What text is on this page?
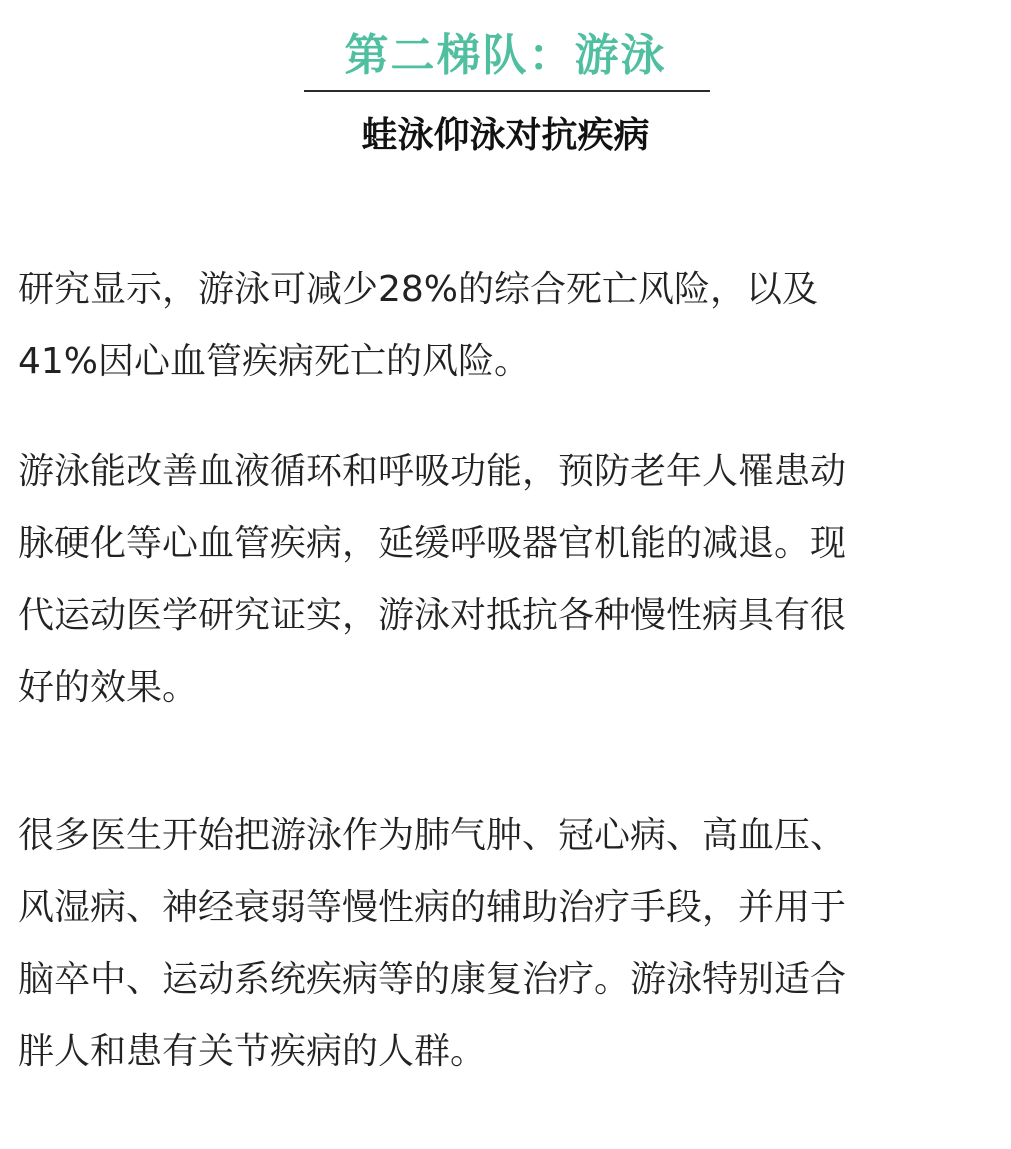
第二梯队：游泳
蛙泳仰泳对抗疾病

研究显示，游泳可减少28%的综合死亡风险，以及
41%因心血管疾病死亡的风险。

游泳能改善血液循环和呼吸功能，预防老年人罹患动
脉硬化等心血管疾病，延缓呼吸器官机能的减退。现
代运动医学研究证实，游泳对抵抗各种慢性病具有很
好的效果。

很多医生开始把游泳作为肺气肿、冠心病、高血压、
风湿病、神经衰弱等慢性病的辅助治疗手段，并用于
脑卒中、运动系统疾病等的康复治疗。游泳特别适合
胖人和患有关节疾病的人群。
